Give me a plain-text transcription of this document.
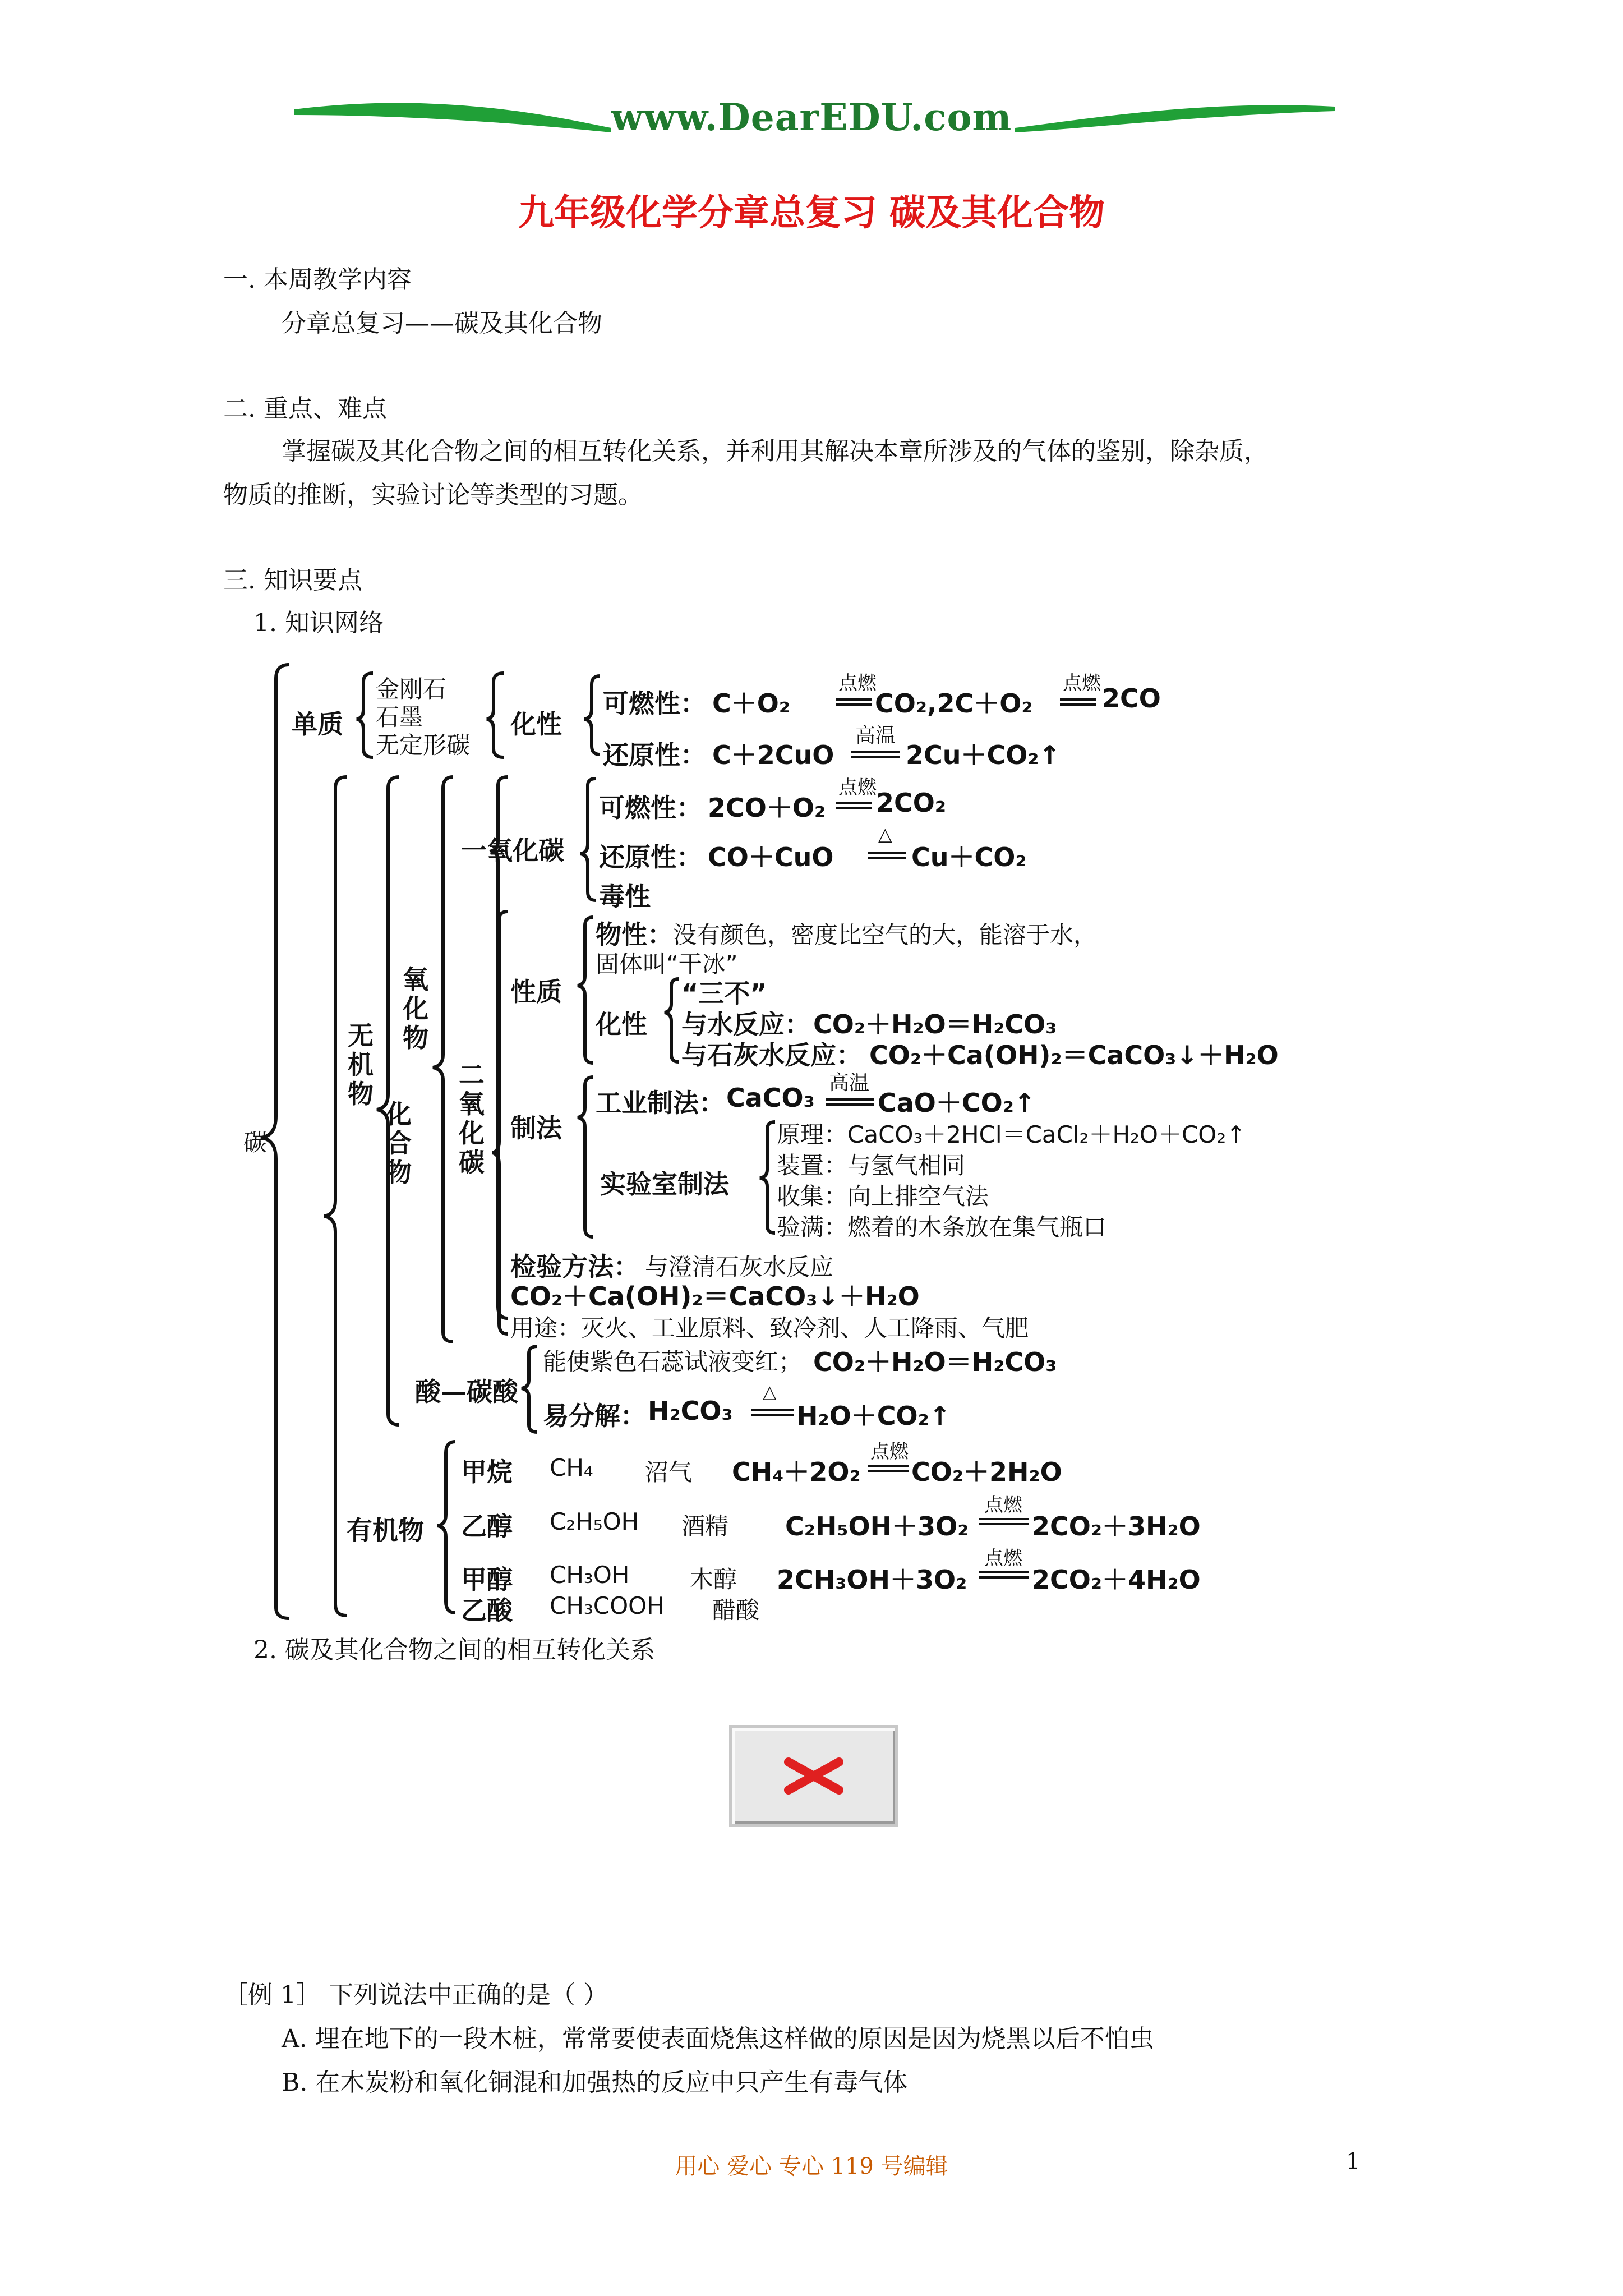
www.DearEDU.com
九年级化学分章总复习 碳及其化合物
一. 本周教学内容
分章总复习——碳及其化合物
二. 重点、难点
掌握碳及其化合物之间的相互转化关系，并利用其解决本章所涉及的气体的鉴别，除杂质，
物质的推断，实验讨论等类型的习题。
三. 知识要点
1. 知识网络
碳
单质
金刚石
石墨
无定形碳
化性
可燃性： C＋O₂
点燃
CO₂,2C＋O₂
点燃 2CO
还原性： C＋2CuO
高温
2Cu＋CO₂↑
化合物
无机物
氧化物
一氧化碳
可燃性： 2CO＋O₂
点燃 2CO₂
还原性： CO＋CuO
△
Cu＋CO₂
毒性
二氧化碳
性质
物性： 没有颜色，密度比空气的大，能溶于水，
固体叫“干冰”
化性
“三不”
与水反应： CO₂＋H₂O＝H₂CO₃
与石灰水反应： CO₂＋Ca(OH)₂＝CaCO₃↓＋H₂O
制法
工业制法： CaCO₃ 高温
CaO＋CO₂↑
实验室制法
原理：CaCO₃＋2HCl＝CaCl₂＋H₂O＋CO₂↑
装置：与氢气相同
收集：向上排空气法
验满：燃着的木条放在集气瓶口
检验方法： 与澄清石灰水反应
CO₂＋Ca(OH)₂＝CaCO₃↓＋H₂O
用途：灭火、工业原料、致冷剂、人工降雨、气肥
酸—碳酸
能使紫色石蕊试液变红； CO₂＋H₂O＝H₂CO₃
易分解： H₂CO₃
△
H₂O＋CO₂↑
有机物
甲烷 CH₄ 沼气 CH₄＋2O₂
点燃
CO₂＋2H₂O
乙醇 C₂H₅OH 酒精 C₂H₅OH＋3O₂
点燃
2CO₂＋3H₂O
甲醇 CH₃OH	木醇 2CH₃OH＋3O₂
点燃
2CO₂＋4H₂O
乙酸 CH₃COOH 醋酸
2. 碳及其化合物之间的相互转化关系
［例 1］ 下列说法中正确的是（ ）
A. 埋在地下的一段木桩，常常要使表面烧焦这样做的原因是因为烧黑以后不怕虫
B. 在木炭粉和氧化铜混和加强热的反应中只产生有毒气体
用心 爱心 专心 119 号编辑	1
